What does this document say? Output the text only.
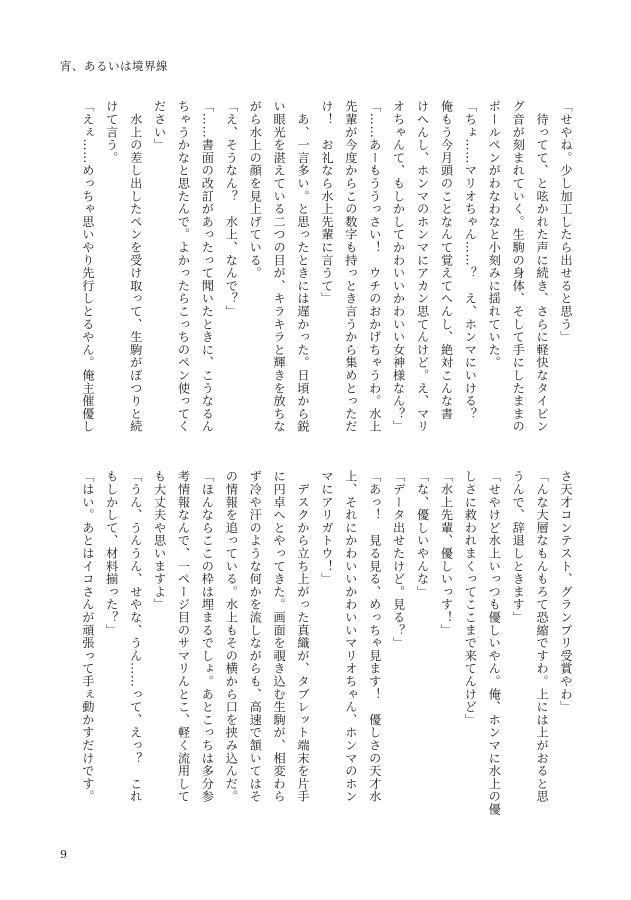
宵、あるいは境界線
「せやね。少し加工したら出せると思う」
　待ってて、と呟かれた声に続き、さらに軽快なタイピン
グ音が刻まれていく。生駒の身体、そして手にしたままの
ボールペンがわなわなと小刻みに揺れていた。
「ちょ……マリオちゃん……？　え、ホンマにいける？
俺もう今月頭のことなんて覚えてへんし、絶対こんな書
けへんし、ホンマのホンマにアカン思てんけど。え、マリ
オちゃんて、もしかしてかわいいかわいい女神様なん？」
「……あーもううっさい！　ウチのおかげちゃうわ。水上
先輩が今度からこの数字も持っとき言うから集めとっただ
け！　お礼なら水上先輩に言うて」
　あ、一言多い。と思ったときには遅かった。日頃から鋭
い眼光を湛えている二つの目が、キラキラと輝きを放ちな
がら水上の顔を見上げている。
「え、そうなん？　水上、なんで？」
「……書面の改訂があったって聞いたときに、こうなるん
ちゃうかなと思たんで。よかったらこっちのペン使ってく
ださい」
　水上の差し出したペンを受け取って、生駒がぽつりと続
けて言う。
「えぇ……めっちゃ思いやり先行しとるやん。俺主催優し
さ天才コンテスト、グランプリ受賞やわ」
「んな大層なもんもろて恐縮ですわ。上には上がおると思
うんで、辞退しときます」
「せやけど水上いっつも優しいやん。俺、ホンマに水上の優
しさに救われまくってここまで来てんけど」
「水上先輩、優しいっす！」
「な、優しいやんな」
「データ出せたけど。見る？」
「あっ！　見る見る、めっちゃ見ます！　優しさの天才水
上、それにかわいいかわいいマリオちゃん、ホンマのホン
マにアリガトウ！」
　デスクから立ち上がった真織が、タブレット端末を片手
に円卓へとやってきた。画面を覗き込む生駒が、相変わら
ず冷や汗のような何かを流しながらも、高速で頷いてはそ
の情報を追っている。水上もその横から口を挟み込んだ。
「ほんならここの枠は埋まるでしょ。あとこっちは多分参
考情報なんで、一ページ目のサマリんとこ、軽く流用して
も大丈夫や思いますよ」
「うん、うんうん、せやな、うん……って、えっ？　これ
もしかして、材料揃った？」
「はい。あとはイコさんが頑張って手ぇ動かすだけです。
9
